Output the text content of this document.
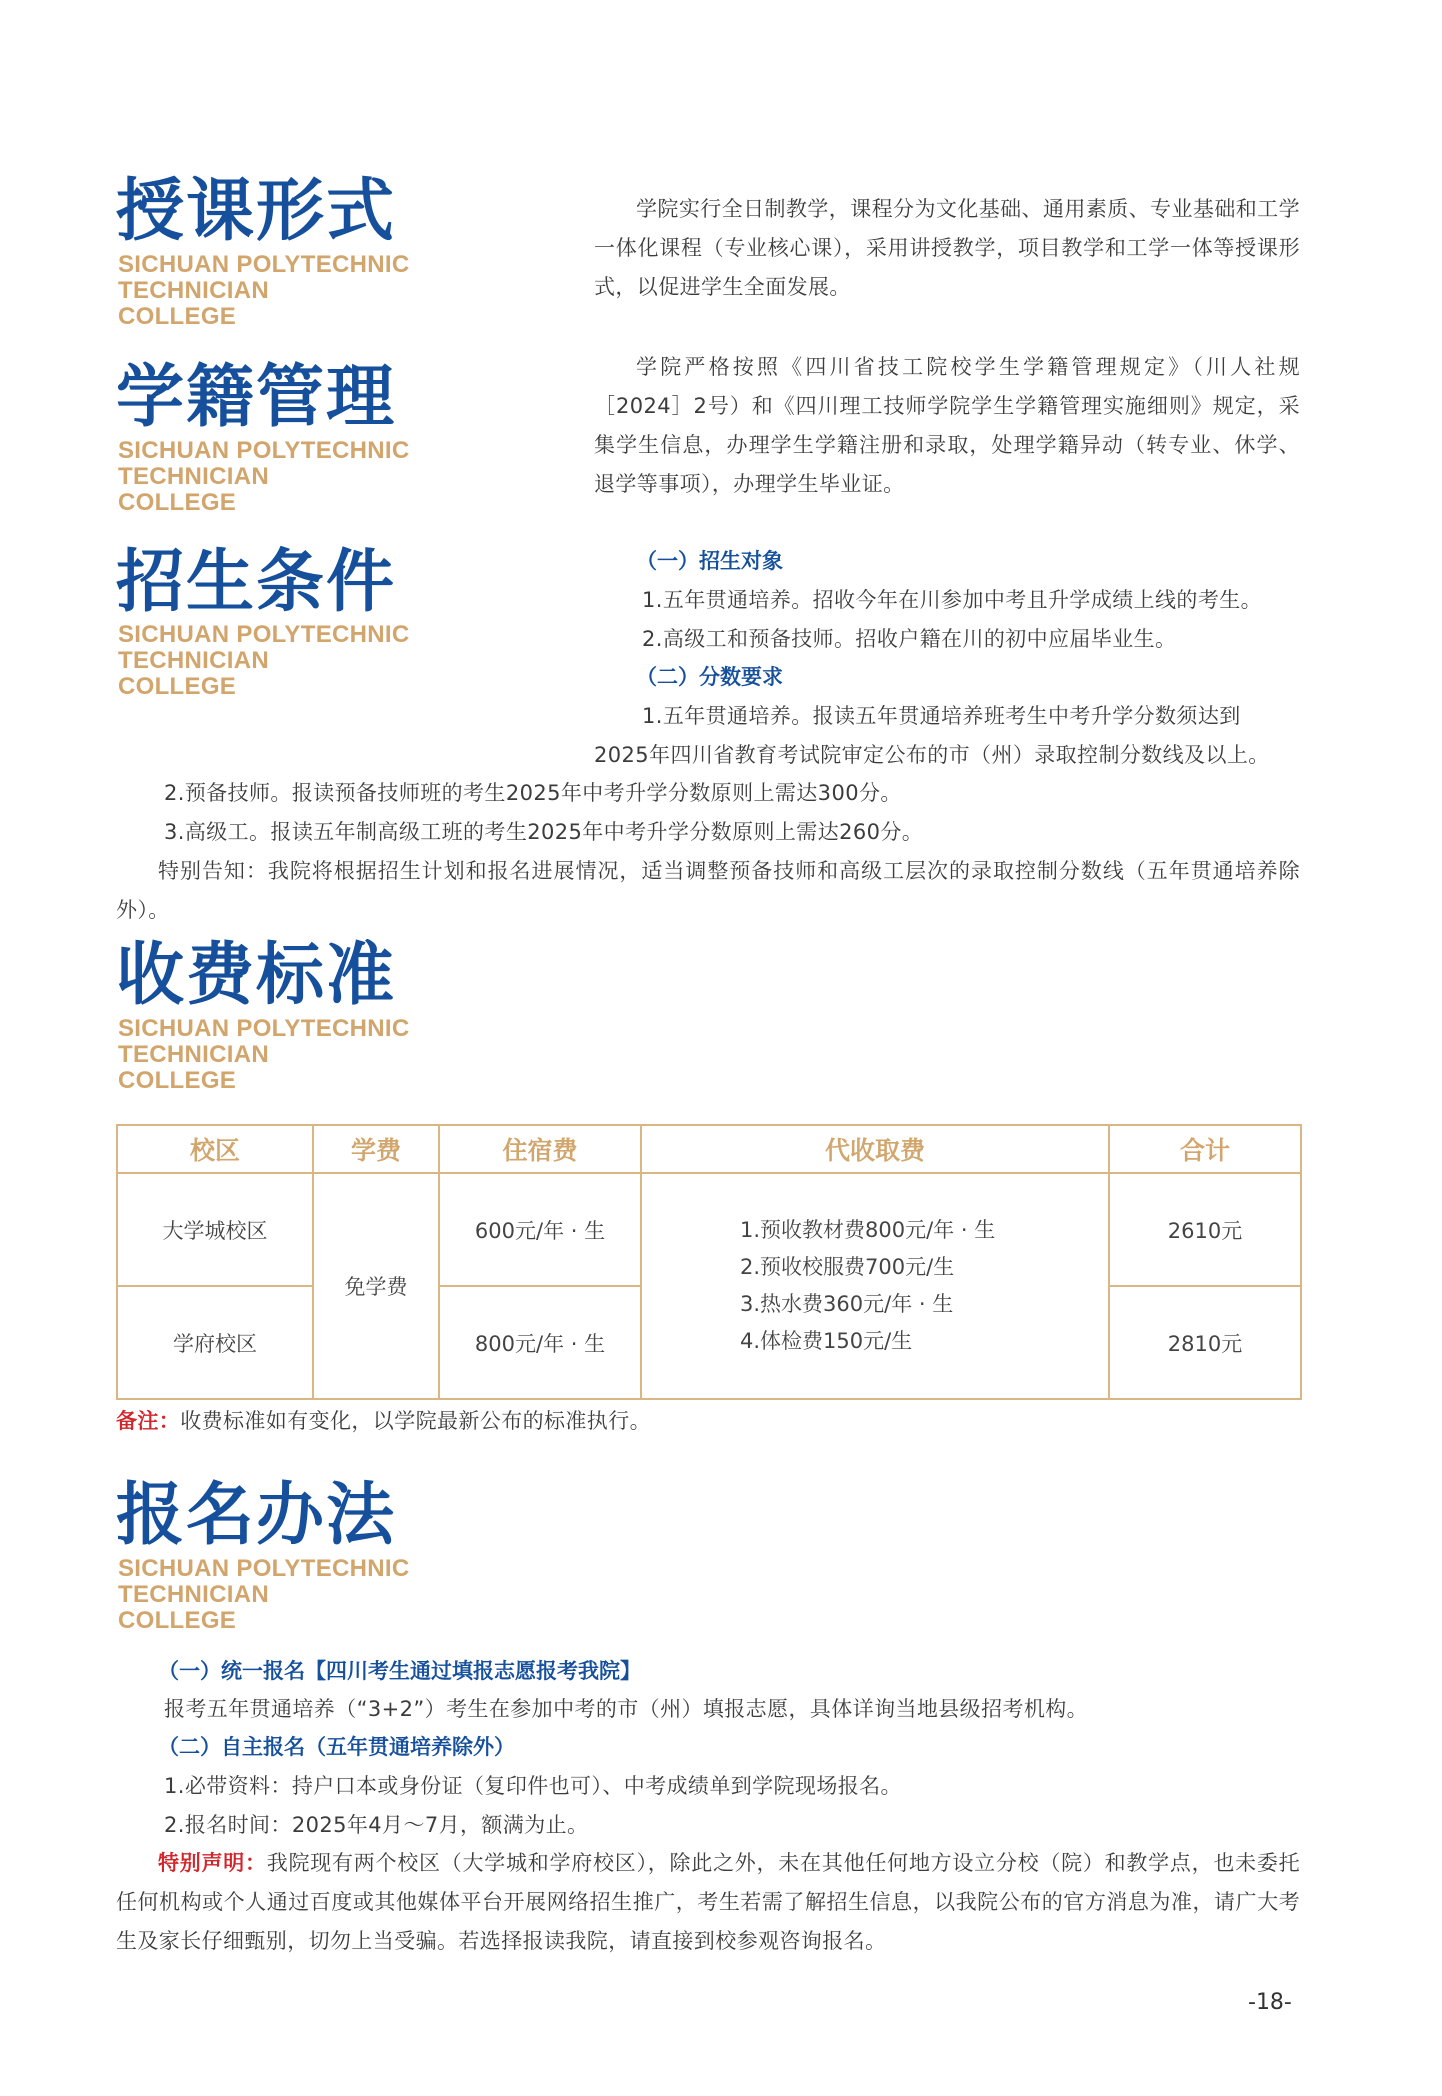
授课形式
SICHUAN POLYTECHNIC
TECHNICIAN
COLLEGE

学院实行全日制教学，课程分为文化基础、通用素质、专业基础和工学一体化课程（专业核心课），采用讲授教学，项目教学和工学一体等授课形式，以促进学生全面发展。

学籍管理
SICHUAN POLYTECHNIC
TECHNICIAN
COLLEGE

学院严格按照《四川省技工院校学生学籍管理规定》（川人社规［2024］2号）和《四川理工技师学院学生学籍管理实施细则》规定，采集学生信息，办理学生学籍注册和录取，处理学籍异动（转专业、休学、退学等事项），办理学生毕业证。

招生条件
SICHUAN POLYTECHNIC
TECHNICIAN
COLLEGE
（一）招生对象
1.五年贯通培养。招收今年在川参加中考且升学成绩上线的考生。
2.高级工和预备技师。招收户籍在川的初中应届毕业生。
（二）分数要求
1.五年贯通培养。报读五年贯通培养班考生中考升学分数须达到
2025年四川省教育考试院审定公布的市（州）录取控制分数线及以上。
2.预备技师。报读预备技师班的考生2025年中考升学分数原则上需达300分。
3.高级工。报读五年制高级工班的考生2025年中考升学分数原则上需达260分。

特别告知：我院将根据招生计划和报名进展情况，适当调整预备技师和高级工层次的录取控制分数线（五年贯通培养除外）。

收费标准
SICHUAN POLYTECHNIC
TECHNICIAN
COLLEGE
校区	学费	住宿费	代收取费	合计
大学城校区	免学费	600元/年 · 生	1.预收教材费800元/年 · 生
2.预收校服费700元/生
3.热水费360元/年 · 生
4.体检费150元/生	2610元
学府校区		800元/年 · 生		2810元
备注：收费标准如有变化，以学院最新公布的标准执行。
报名办法
SICHUAN POLYTECHNIC
TECHNICIAN
COLLEGE
（一）统一报名【四川考生通过填报志愿报考我院】
报考五年贯通培养（“3+2”）考生在参加中考的市（州）填报志愿，具体详询当地县级招考机构。
（二）自主报名（五年贯通培养除外）
1.必带资料：持户口本或身份证（复印件也可）、中考成绩单到学院现场报名。
2.报名时间：2025年4月～7月，额满为止。

特别声明：我院现有两个校区（大学城和学府校区），除此之外，未在其他任何地方设立分校（院）和教学点，也未委托任何机构或个人通过百度或其他媒体平台开展网络招生推广，考生若需了解招生信息，以我院公布的官方消息为准，请广大考生及家长仔细甄别，切勿上当受骗。若选择报读我院，请直接到校参观咨询报名。

-18-
